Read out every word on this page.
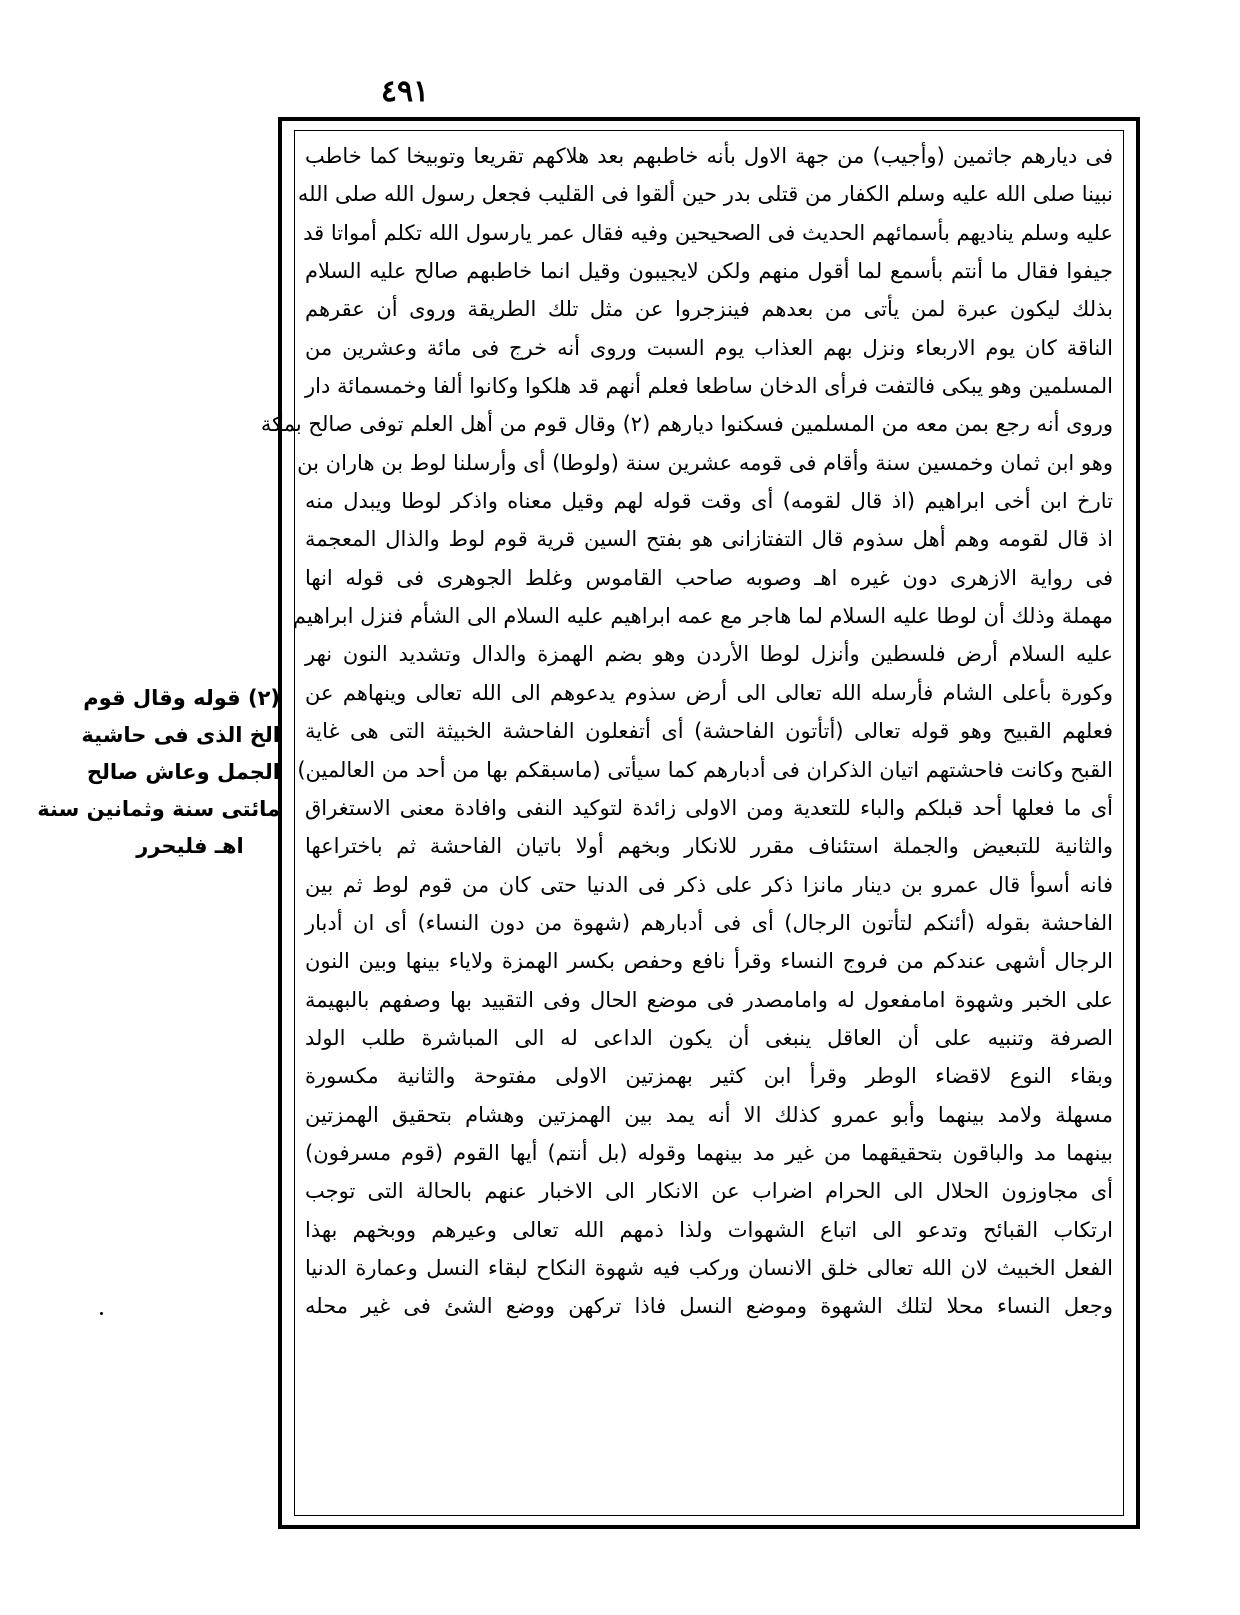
٤٩١
فى ديارهم جاثمين (وأجيب) من جهة الاول بأنه خاطبهم بعد هلاكهم تقريعا وتوبيخا كما خاطب
نبينا صلى الله عليه وسلم الكفار من قتلى بدر حين ألقوا فى القليب فجعل رسول الله صلى الله
عليه وسلم يناديهم بأسمائهم الحديث فى الصحيحين وفيه فقال عمر يارسول الله تكلم أمواتا قد
جيفوا فقال ما أنتم بأسمع لما أقول منهم ولكن لايجيبون وقيل انما خاطبهم صالح عليه السلام
بذلك ليكون عبرة لمن يأتى من بعدهم فينزجروا عن مثل تلك الطريقة وروى أن عقرهم
الناقة كان يوم الاربعاء ونزل بهم العذاب يوم السبت وروى أنه خرج فى مائة وعشرين من
المسلمين وهو يبكى فالتفت فرأى الدخان ساطعا فعلم أنهم قد هلكوا وكانوا ألفا وخمسمائة دار
وروى أنه رجع بمن معه من المسلمين فسكنوا ديارهم (٢) وقال قوم من أهل العلم توفى صالح بمكة
وهو ابن ثمان وخمسين سنة وأقام فى قومه عشرين سنة (ولوطا) أى وأرسلنا لوط بن هاران بن
تارخ ابن أخى ابراهيم (اذ قال لقومه) أى وقت قوله لهم وقيل معناه واذكر لوطا ويبدل منه
اذ قال لقومه وهم أهل سذوم قال التفتازانى هو بفتح السين قرية قوم لوط والذال المعجمة
فى رواية الازهرى دون غيره اهـ وصوبه صاحب القاموس وغلط الجوهرى فى قوله انها
مهملة وذلك أن لوطا عليه السلام لما هاجر مع عمه ابراهيم عليه السلام الى الشأم فنزل ابراهيم
عليه السلام أرض فلسطين وأنزل لوطا الأردن وهو بضم الهمزة والدال وتشديد النون نهر
وكورة بأعلى الشام فأرسله الله تعالى الى أرض سذوم يدعوهم الى الله تعالى وينهاهم عن
فعلهم القبيح وهو قوله تعالى (أتأتون الفاحشة) أى أتفعلون الفاحشة الخبيثة التى هى غاية
القبح وكانت فاحشتهم اتيان الذكران فى أدبارهم كما سيأتى (ماسبقكم بها من أحد من العالمين)
أى ما فعلها أحد قبلكم والباء للتعدية ومن الاولى زائدة لتوكيد النفى وافادة معنى الاستغراق
والثانية للتبعيض والجملة استئناف مقرر للانكار وبخهم أولا باتيان الفاحشة ثم باختراعها
فانه أسوأ قال عمرو بن دينار مانزا ذكر على ذكر فى الدنيا حتى كان من قوم لوط ثم بين
الفاحشة بقوله (أئنكم لتأتون الرجال) أى فى أدبارهم (شهوة من دون النساء) أى ان أدبار
الرجال أشهى عندكم من فروج النساء وقرأ نافع وحفص بكسر الهمزة ولاياء بينها وبين النون
على الخبر وشهوة امامفعول له وامامصدر فى موضع الحال وفى التقييد بها وصفهم بالبهيمة
الصرفة وتنبيه على أن العاقل ينبغى أن يكون الداعى له الى المباشرة طلب الولد
وبقاء النوع لاقضاء الوطر وقرأ ابن كثير بهمزتين الاولى مفتوحة والثانية مكسورة
مسهلة ولامد بينهما وأبو عمرو كذلك الا أنه يمد بين الهمزتين وهشام بتحقيق الهمزتين
بينهما مد والباقون بتحقيقهما من غير مد بينهما وقوله (بل أنتم) أيها القوم (قوم مسرفون)
أى مجاوزون الحلال الى الحرام اضراب عن الانكار الى الاخبار عنهم بالحالة التى توجب
ارتكاب القبائح وتدعو الى اتباع الشهوات ولذا ذمهم الله تعالى وعيرهم ووبخهم بهذا
الفعل الخبيث لان الله تعالى خلق الانسان وركب فيه شهوة النكاح لبقاء النسل وعمارة الدنيا
وجعل النساء محلا لتلك الشهوة وموضع النسل فاذا تركهن ووضع الشئ فى غير محله
(٢) قوله وقال قوم
الخ الذى فى حاشية
الجمل وعاش صالح
مائتى سنة وثمانين سنة
اهـ فليحرر
